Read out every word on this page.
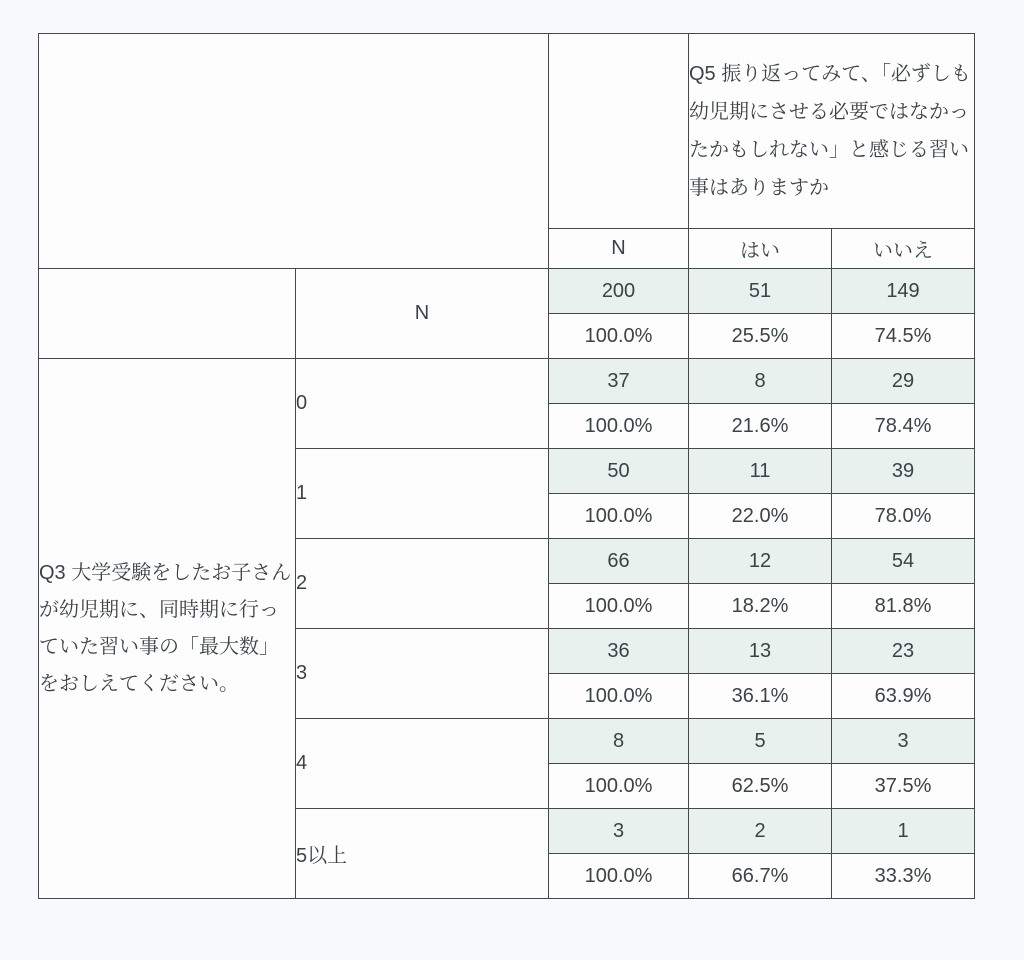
			Q5 振り返ってみて、「必ずしも幼児期にさせる必要ではなかったかもしれない」と感じる習い事はありますか	
		N	はい	いいえ
	N	200	51	149
		100.0%	25.5%	74.5%
Q3 大学受験をしたお子さんが幼児期に、同時期に行っていた習い事の「最大数」をおしえてください。	0	37	8	29
		100.0%	21.6%	78.4%
	1	50	11	39
		100.0%	22.0%	78.0%
	2	66	12	54
		100.0%	18.2%	81.8%
	3	36	13	23
		100.0%	36.1%	63.9%
	4	8	5	3
		100.0%	62.5%	37.5%
	5以上	3	2	1
		100.0%	66.7%	33.3%
